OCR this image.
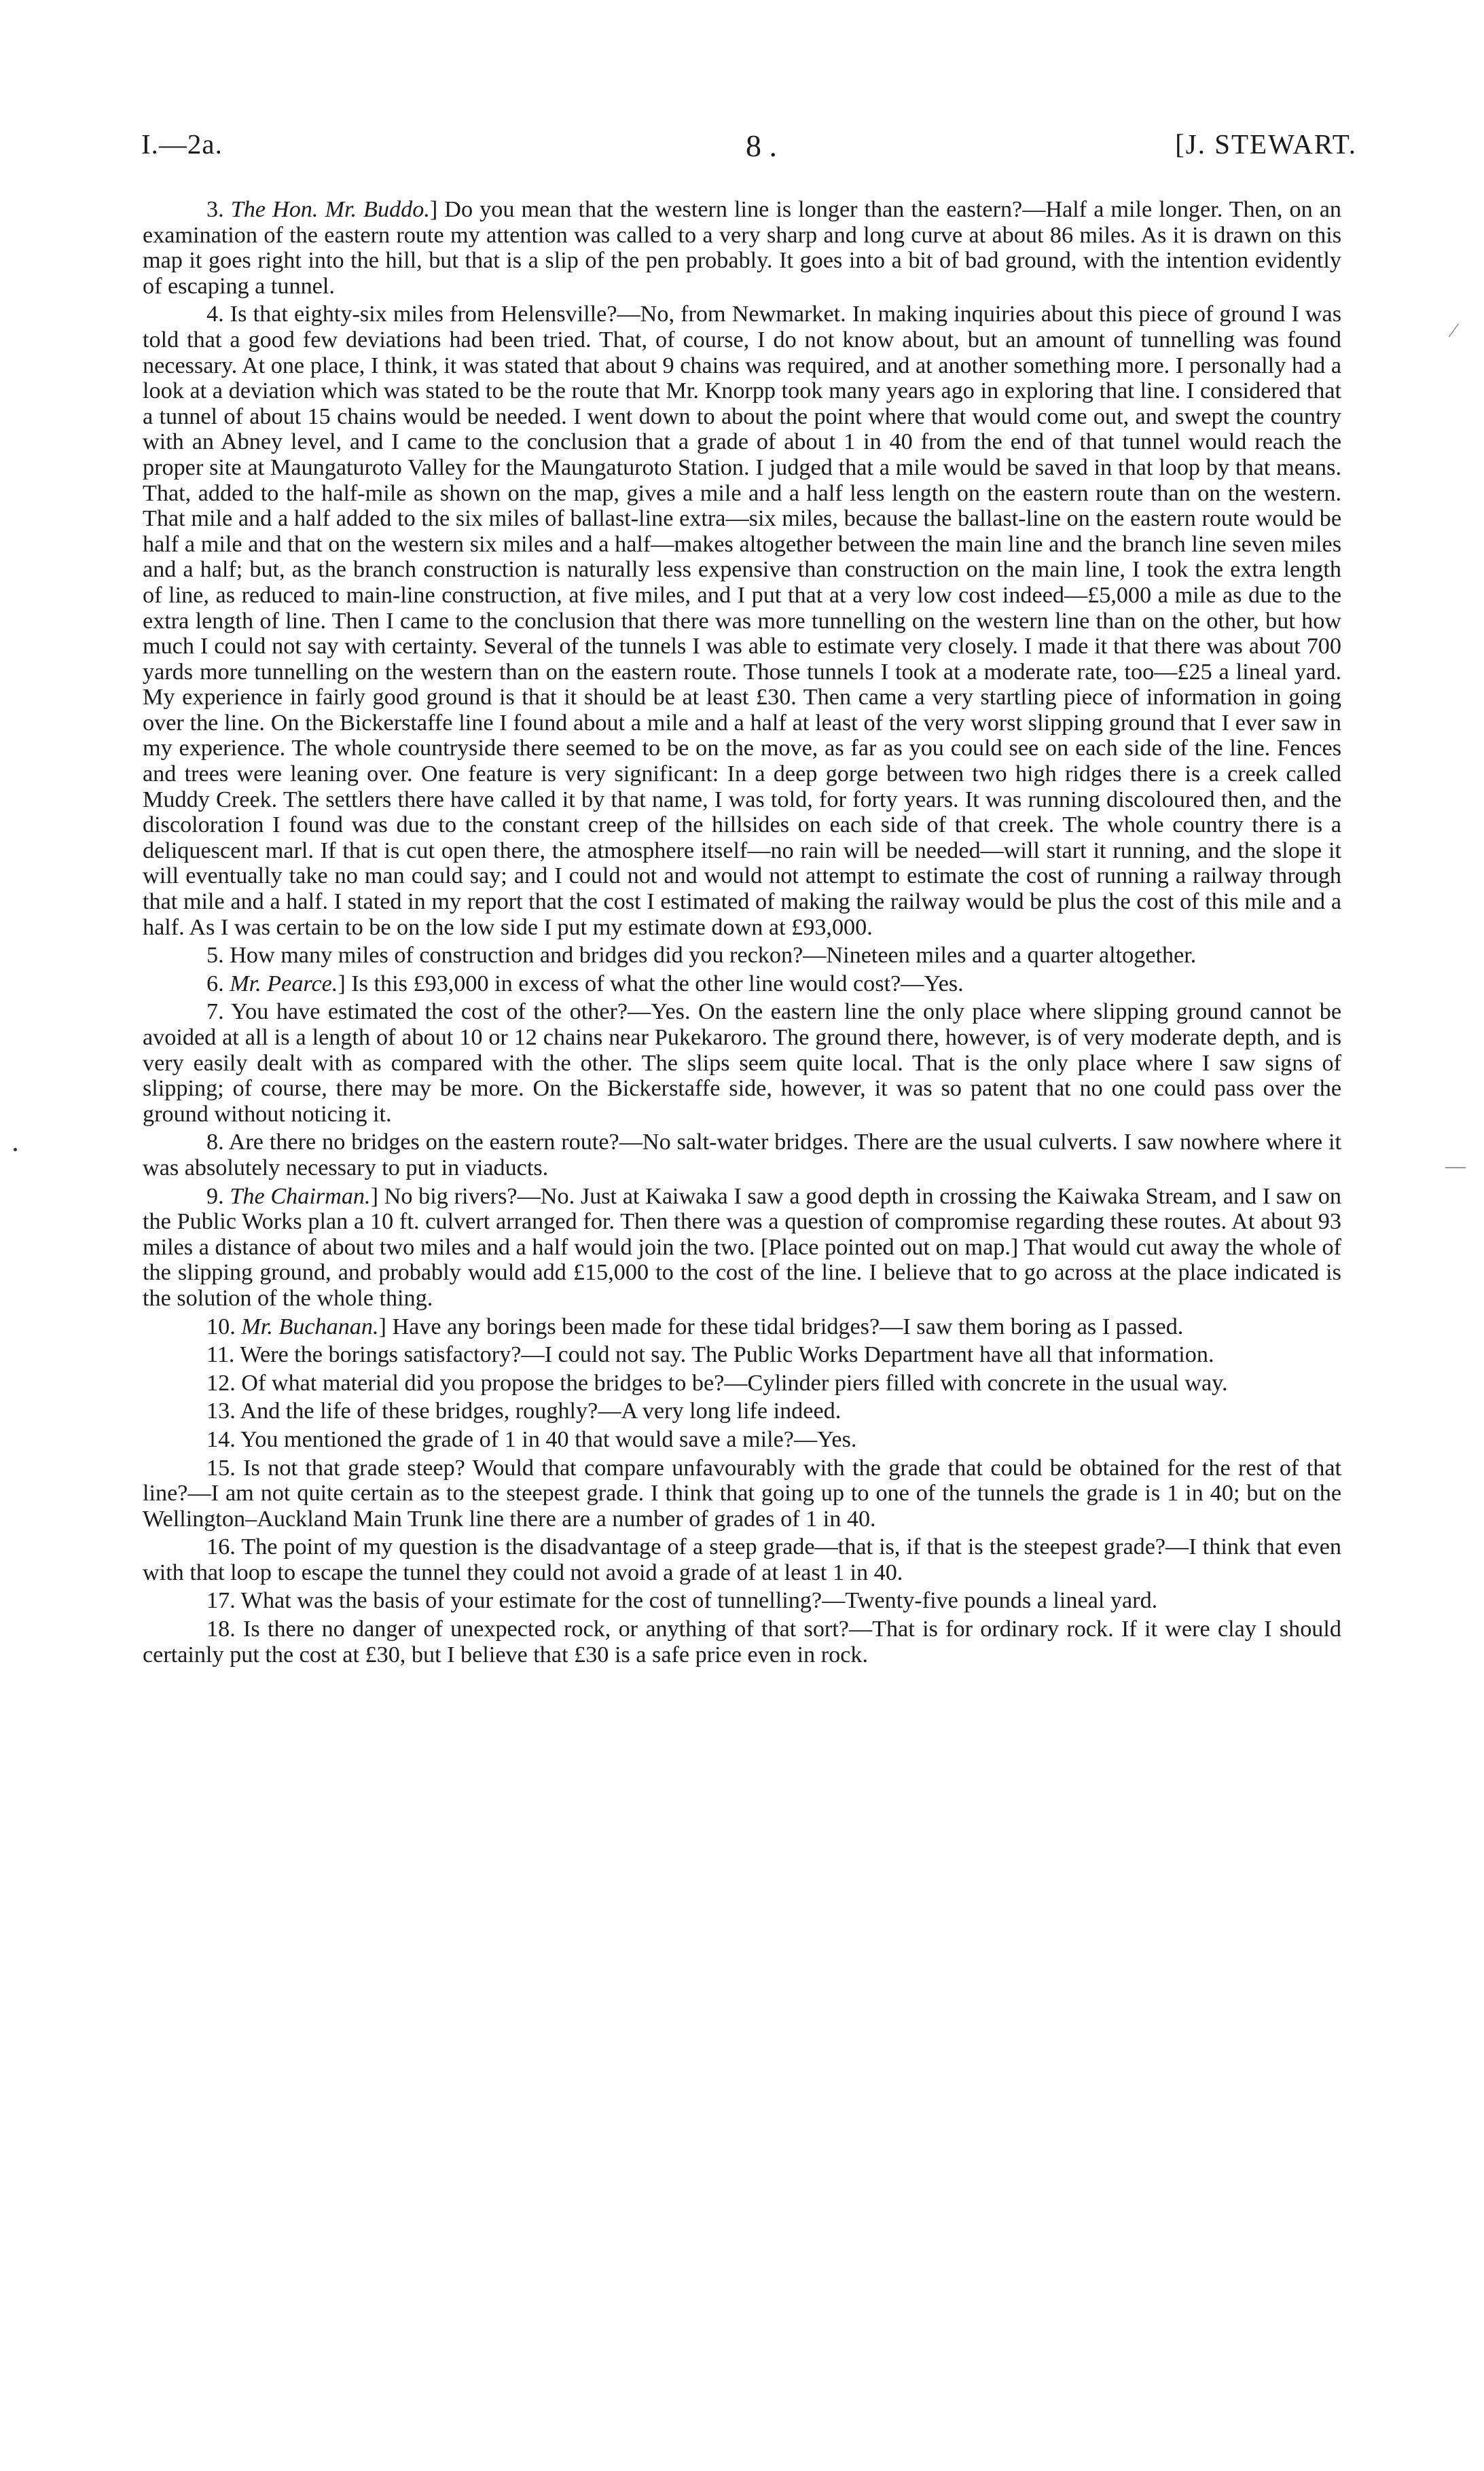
I.—2a.	8 .	[J. STEWART.

3. The Hon. Mr. Buddo.] Do you mean that the western line is longer than the eastern?—Half a mile longer. Then, on an examination of the eastern route my attention was called to a very sharp and long curve at about 86 miles. As it is drawn on this map it goes right into the hill, but that is a slip of the pen probably. It goes into a bit of bad ground, with the intention evidently of escaping a tunnel.

4. Is that eighty-six miles from Helensville?—No, from Newmarket. In making inquiries about this piece of ground I was told that a good few deviations had been tried. That, of course, I do not know about, but an amount of tunnelling was found necessary. At one place, I think, it was stated that about 9 chains was required, and at another something more. I personally had a look at a deviation which was stated to be the route that Mr. Knorpp took many years ago in exploring that line. I considered that a tunnel of about 15 chains would be needed. I went down to about the point where that would come out, and swept the country with an Abney level, and I came to the conclusion that a grade of about 1 in 40 from the end of that tunnel would reach the proper site at Maungaturoto Valley for the Maungaturoto Station. I judged that a mile would be saved in that loop by that means. That, added to the half-mile as shown on the map, gives a mile and a half less length on the eastern route than on the western. That mile and a half added to the six miles of ballast-line extra—six miles, because the ballast-line on the eastern route would be half a mile and that on the western six miles and a half—makes altogether between the main line and the branch line seven miles and a half; but, as the branch construction is naturally less expensive than construction on the main line, I took the extra length of line, as reduced to main-line construction, at five miles, and I put that at a very low cost indeed—£5,000 a mile as due to the extra length of line. Then I came to the conclusion that there was more tunnelling on the western line than on the other, but how much I could not say with certainty. Several of the tunnels I was able to estimate very closely. I made it that there was about 700 yards more tunnelling on the western than on the eastern route. Those tunnels I took at a moderate rate, too—£25 a lineal yard. My experience in fairly good ground is that it should be at least £30. Then came a very startling piece of information in going over the line. On the Bickerstaffe line I found about a mile and a half at least of the very worst slipping ground that I ever saw in my experience. The whole countryside there seemed to be on the move, as far as you could see on each side of the line. Fences and trees were leaning over. One feature is very significant: In a deep gorge between two high ridges there is a creek called Muddy Creek. The settlers there have called it by that name, I was told, for forty years. It was running discoloured then, and the discoloration I found was due to the constant creep of the hillsides on each side of that creek. The whole country there is a deliquescent marl. If that is cut open there, the atmosphere itself—no rain will be needed—will start it running, and the slope it will eventually take no man could say; and I could not and would not attempt to estimate the cost of running a railway through that mile and a half. I stated in my report that the cost I estimated of making the railway would be plus the cost of this mile and a half. As I was certain to be on the low side I put my estimate down at £93,000.

5. How many miles of construction and bridges did you reckon?—Nineteen miles and a quarter altogether.

6. Mr. Pearce.] Is this £93,000 in excess of what the other line would cost?—Yes.

7. You have estimated the cost of the other?—Yes. On the eastern line the only place where slipping ground cannot be avoided at all is a length of about 10 or 12 chains near Pukekaroro. The ground there, however, is of very moderate depth, and is very easily dealt with as compared with the other. The slips seem quite local. That is the only place where I saw signs of slipping; of course, there may be more. On the Bickerstaffe side, however, it was so patent that no one could pass over the ground without noticing it.

8. Are there no bridges on the eastern route?—No salt-water bridges. There are the usual culverts. I saw nowhere where it was absolutely necessary to put in viaducts.

9. The Chairman.] No big rivers?—No. Just at Kaiwaka I saw a good depth in crossing the Kaiwaka Stream, and I saw on the Public Works plan a 10 ft. culvert arranged for. Then there was a question of compromise regarding these routes. At about 93 miles a distance of about two miles and a half would join the two. [Place pointed out on map.] That would cut away the whole of the slipping ground, and probably would add £15,000 to the cost of the line. I believe that to go across at the place indicated is the solution of the whole thing.

10. Mr. Buchanan.] Have any borings been made for these tidal bridges?—I saw them boring as I passed.

11. Were the borings satisfactory?—I could not say. The Public Works Department have all that information.

12. Of what material did you propose the bridges to be?—Cylinder piers filled with concrete in the usual way.

13. And the life of these bridges, roughly?—A very long life indeed.

14. You mentioned the grade of 1 in 40 that would save a mile?—Yes.

15. Is not that grade steep? Would that compare unfavourably with the grade that could be obtained for the rest of that line?—I am not quite certain as to the steepest grade. I think that going up to one of the tunnels the grade is 1 in 40; but on the Wellington–Auckland Main Trunk line there are a number of grades of 1 in 40.

16. The point of my question is the disadvantage of a steep grade—that is, if that is the steepest grade?—I think that even with that loop to escape the tunnel they could not avoid a grade of at least 1 in 40.

17. What was the basis of your estimate for the cost of tunnelling?—Twenty-five pounds a lineal yard.

18. Is there no danger of unexpected rock, or anything of that sort?—That is for ordinary rock. If it were clay I should certainly put the cost at £30, but I believe that £30 is a safe price even in rock.

⁄
—
